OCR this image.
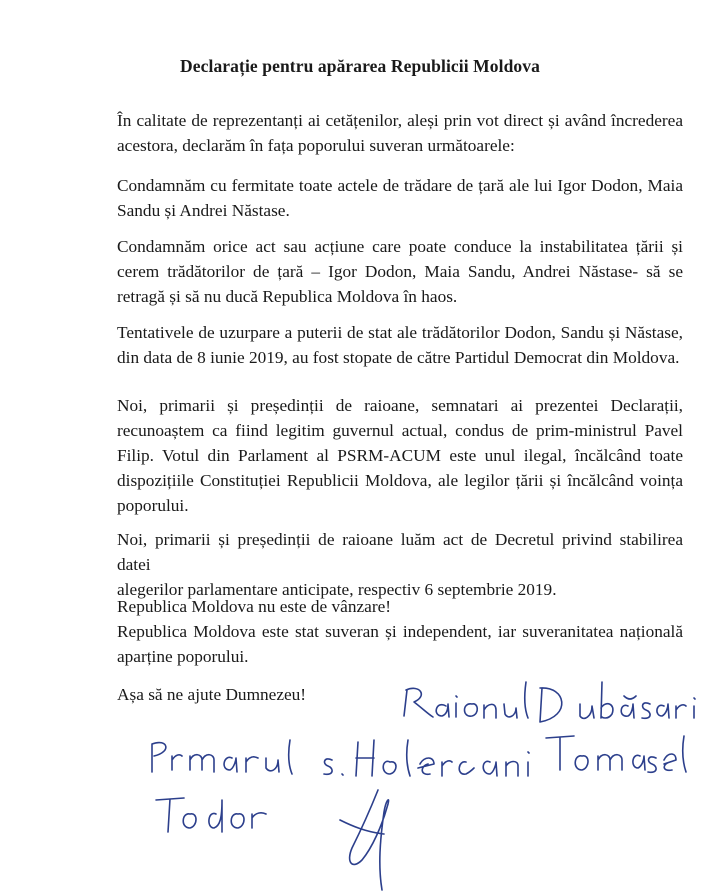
Declarație pentru apărarea Republicii Moldova
În calitate de reprezentanți ai cetățenilor, aleși prin vot direct și având încrederea
acestora, declarăm în fața poporului suveran următoarele:
Condamnăm cu fermitate toate actele de trădare de țară ale lui Igor Dodon, Maia
Sandu și Andrei Năstase.
Condamnăm orice act sau acțiune care poate conduce la instabilitatea țării și
cerem trădătorilor de țară – Igor Dodon, Maia Sandu, Andrei Năstase- să se
retragă și să nu ducă Republica Moldova în haos.
Tentativele de uzurpare a puterii de stat ale trădătorilor Dodon, Sandu și Năstase,
din data de 8 iunie 2019, au fost stopate de către Partidul Democrat din Moldova.
Noi, primarii și președinții de raioane, semnatari ai prezentei Declarații,
recunoaștem ca fiind legitim guvernul actual, condus de prim-ministrul Pavel
Filip. Votul din Parlament al PSRM-ACUM este unul ilegal, încălcând toate
dispozițiile Constituției Republicii Moldova, ale legilor țării și încălcând voința
poporului.
Noi, primarii și președinții de raioane luăm act de Decretul privind stabilirea datei
alegerilor parlamentare anticipate, respectiv 6 septembrie 2019.
Republica Moldova nu este de vânzare!
Republica Moldova este stat suveran și independent, iar suveranitatea națională
aparține poporului.
Așa să ne ajute Dumnezeu!
